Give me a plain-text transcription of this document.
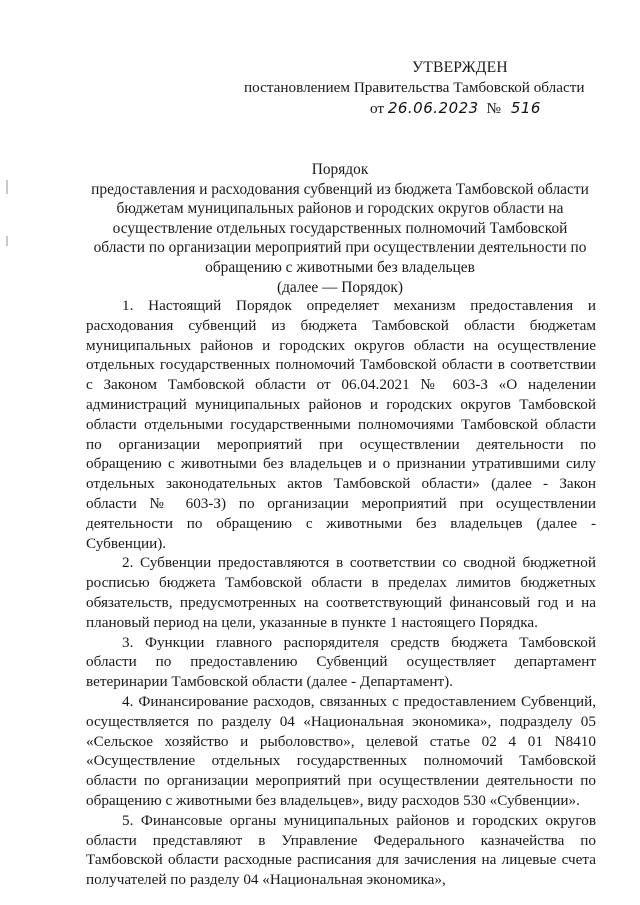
УТВЕРЖДЕН
постановлением Правительства Тамбовской области
от 26.06.2023 № 516
Порядок
предоставления и расходования субвенций из бюджета Тамбовской области
бюджетам муниципальных районов и городских округов области на
осуществление отдельных государственных полномочий Тамбовской
области по организации мероприятий при осуществлении деятельности по
обращению с животными без владельцев
(далее — Порядок)

1. Настоящий Порядок определяет механизм предоставления и расходования субвенций из бюджета Тамбовской области бюджетам муниципальных районов и городских округов области на осуществление отдельных государственных полномочий Тамбовской области в соответствии с Законом Тамбовской области от 06.04.2021 № 603-З «О наделении администраций муниципальных районов и городских округов Тамбовской области отдельными государственными полномочиями Тамбовской области по организации мероприятий при осуществлении деятельности по обращению с животными без владельцев и о признании утратившими силу отдельных законодательных актов Тамбовской области» (далее - Закон области № 603-З) по организации мероприятий при осуществлении деятельности по обращению с животными без владельцев (далее - Субвенции).

2. Субвенции предоставляются в соответствии со сводной бюджетной росписью бюджета Тамбовской области в пределах лимитов бюджетных обязательств, предусмотренных на соответствующий финансовый год и на плановый период на цели, указанные в пункте 1 настоящего Порядка.

3. Функции главного распорядителя средств бюджета Тамбовской области по предоставлению Субвенций осуществляет департамент ветеринарии Тамбовской области (далее - Департамент).

4. Финансирование расходов, связанных с предоставлением Субвенций, осуществляется по разделу 04 «Национальная экономика», подразделу 05 «Сельское хозяйство и рыболовство», целевой статье 02 4 01 N8410 «Осуществление отдельных государственных полномочий Тамбовской области по организации мероприятий при осуществлении деятельности по обращению с животными без владельцев», виду расходов 530 «Субвенции».

5. Финансовые органы муниципальных районов и городских округов области представляют в Управление Федерального казначейства по Тамбовской области расходные расписания для зачисления на лицевые счета получателей по разделу 04 «Национальная экономика»,
